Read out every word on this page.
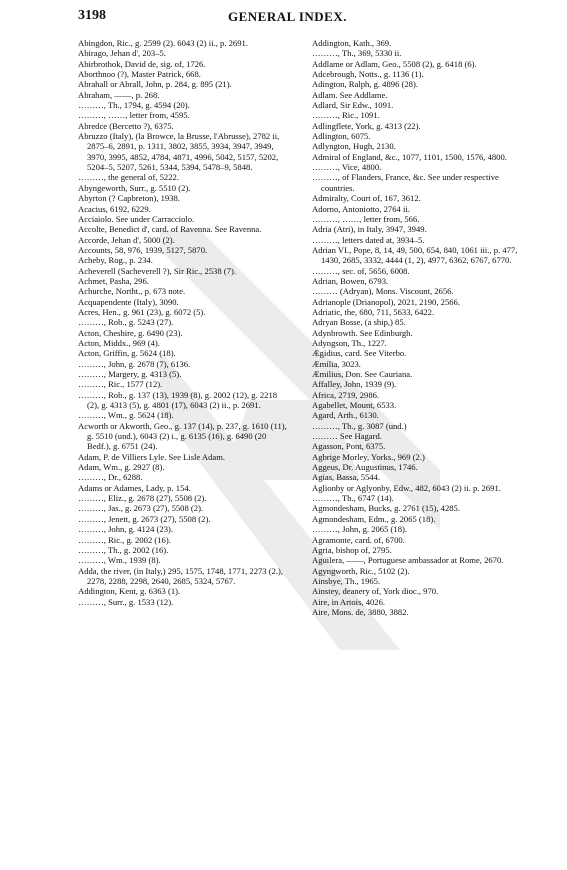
3198	GENERAL INDEX.

Abingdon, Ric., g. 2599 (2). 6043 (2) ii., p. 2691.

Abirago, Jehan d', 203–5.

Abirbrothok, David de, sig. of, 1726.

Aborthnoo (?), Master Patrick, 668.

Abrahall or Abrall, John, p. 284, g. 895 (21).

Abraham, ——, p. 268.

………, Th., 1794, g. 4594 (20).

………, ……, letter from, 4595.

Abredce (Bercetto ?), 6375.

Abruzzo (Italy), (la Browce, la Brusse, l'Abrusse), 2782 ii, 2875–6, 2891, p. 1311, 3802, 3855, 3934, 3947, 3949, 3970, 3995, 4852, 4784, 4871, 4996, 5042, 5157, 5202, 5204–5, 5207, 5261, 5344, 5394, 5478–9, 5848.

………, the general of, 5222.

Abyngeworth, Surr., g. 5510 (2).

Abyrton (? Capbreton), 1938.

Acacius, 6192, 6229.

Acciaiolo. See under Carracciolo.

Accolte, Benedict d', card. of Ravenna. See Ravenna.

Accorde, Jehan d', 5000 (2).

Accounts, 58, 976, 1939, 5127, 5870.

Acheby, Rog., p. 234.

Acheverell (Sacheverell ?), Sir Ric., 2538 (7).

Achmet, Pasha, 296.

Achurche, Northt., p. 673 note.

Acquapendente (Italy), 3090.

Acres, Hen., g. 961 (23), g. 6072 (5).

………, Rob., g. 5243 (27).

Acton, Cheshire, g. 6490 (23).

Acton, Middx., 969 (4).

Acton, Griffin, g. 5624 (18).

………, John, g. 2678 (7), 6136.

………, Margery, g. 4313 (5).

………, Ric., 1577 (12).

………, Rob., g. 137 (13), 1939 (8), g. 2002 (12), g. 2218 (2), g. 4313 (5), g. 4801 (17), 6043 (2) ii., p. 2691.

………, Wm., g. 5624 (18).

Acworth or Akworth, Geo., g. 137 (14), p. 237, g. 1610 (11), g. 5510 (und.), 6043 (2) i., g. 6135 (16), g. 6490 (20 Bedf.), g. 6751 (24).

Adam, P. de Villiers Lyle. See Lisle Adam.

Adam, Wm., g. 2927 (8).

………, Dr., 6288.

Adams or Adames, Lady, p. 154.

………, Eliz., g. 2678 (27), 5508 (2).

………, Jas., g. 2673 (27), 5508 (2).

………, Jenett, g. 2673 (27), 5508 (2).

………, John, g. 4124 (23).

………, Ric., g. 2002 (16).

………, Th., g. 2002 (16).

………, Wm., 1939 (8).

Adda, the river, (in Italy,) 295, 1575, 1748, 1771, 2273 (2.), 2278, 2288, 2298, 2640, 2685, 5324, 5767.

Addington, Kent, g. 6363 (1).

………, Surr., g. 1533 (12).

Addington, Kath., 369.

………, Th., 369, 5330 ii.

Addlame or Adlam, Geo., 5508 (2), g. 6418 (6).

Adcebrough, Notts., g. 1136 (1).

Adington, Ralph, g. 4896 (28).

Adlam. See Addlame.

Adlard, Sir Edw., 1091.

………, Ric., 1091.

Adlingflete, York, g. 4313 (22).

Adlington, 6075.

Adlyngton, Hugh, 2130.

Admiral of England, &c., 1077, 1101, 1500, 1576, 4800.

………, Vice, 4800.

………, of Flanders, France, &c. See under respective countries.

Admiralty, Court of, 167, 3612.

Adorno, Antoniotto, 2764 ii.

………, ……, letter from, 566.

Adria (Atri), in Italy, 3947, 3949.

………, letters dated at, 3934–5.

Adrian VI., Pope, 8, 14, 49, 500, 654, 840, 1061 iii., p. 477, 1430, 2685, 3332, 4444 (1, 2), 4977, 6362, 6767, 6770.

………, sec. of, 5656, 6008.

Adrian, Bowen, 6793.

……… (Adryan), Mons. Viscount, 2656.

Adrianople (Drianopol), 2021, 2190, 2566.

Adriatic, the, 680, 711, 5633, 6422.

Adryan Bosse, (a ship,) 85.

Adynbrowth. See Edinburgh.

Adyngson, Th., 1227.

Ægidius, card. See Viterbo.

Æmilia, 3023.

Æmilius, Don. See Cauriana.

Affalley, John, 1939 (9).

Africa, 2719, 2986.

Agabellet, Mount, 6533.

Agard, Arth., 6130.

………, Th., g. 3087 (und.)

……… See Hagard.

Agasson, Pont, 6375.

Agbrige Morley, Yorks., 969 (2.)

Aggeus, Dr. Augustinus, 1746.

Agias, Bassa, 5544.

Aglionby or Aglyonby, Edw., 482, 6043 (2) ii. p. 2691.

………, Th., 6747 (14).

Agmondesham, Bucks, g. 2761 (15), 4285.

Agmondesham, Edm., g. 2065 (18).

………, John, g. 2065 (18).

Agramonte, card. of, 6700.

Agria, bishop of, 2795.

Aguilera, ——, Portuguese ambassador at Rome, 2670.

Agyngworth, Ric., 5102 (2).

Ainsbye, Th., 1965.

Ainstey, deanery of, York dioc., 970.

Aire, in Artois, 4026.

Aire, Mons. de, 3880, 3882.
